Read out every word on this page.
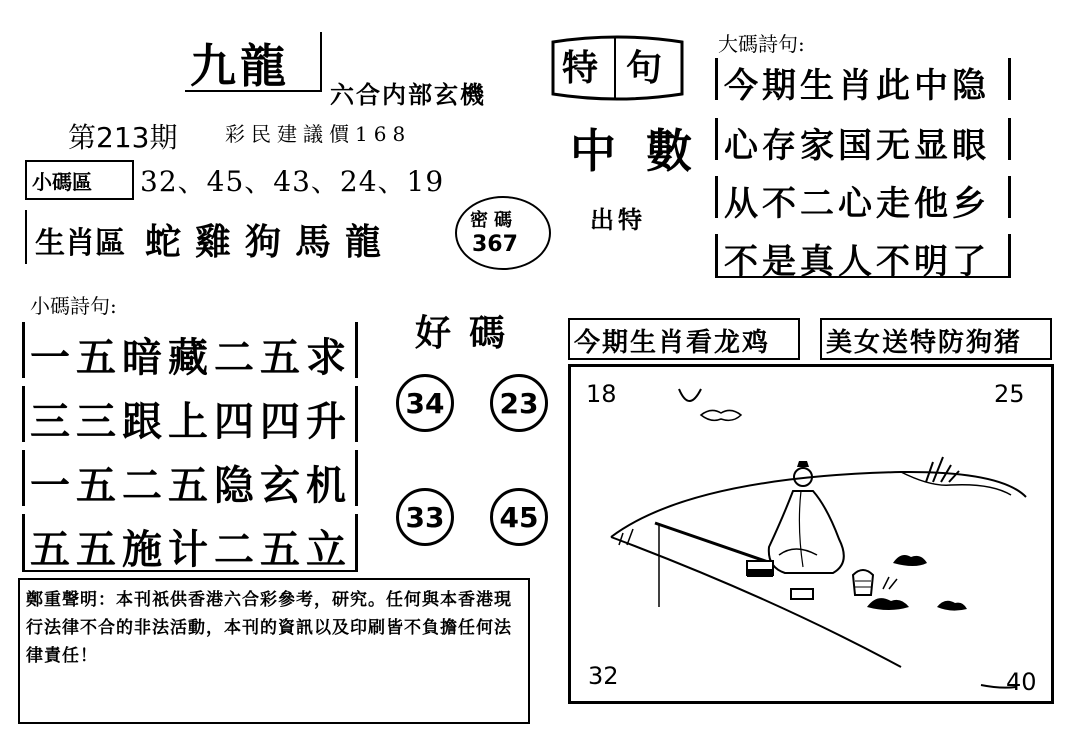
九龍
六合内部玄機
第213期 彩民建議價168
小碼區 32、45、43、24、19
生肖區 蛇雞狗馬龍
密碼
367
特句
中數
出特
大碼詩句:
今期生肖此中隐
心存家国无显眼
从不二心走他乡
不是真人不明了
小碼詩句:
一五暗藏二五求
三三跟上四四升
一五二五隐玄机
五五施计二五立
好碼
34	23
33	45
今期生肖看龙鸡 美女送特防狗猪
18	25
32	40
鄭重聲明：本刊祇供香港六合彩參考，研究。任何與本香港現行法律不合的非法活動，本刊的資訊以及印刷皆不負擔任何法律責任！
